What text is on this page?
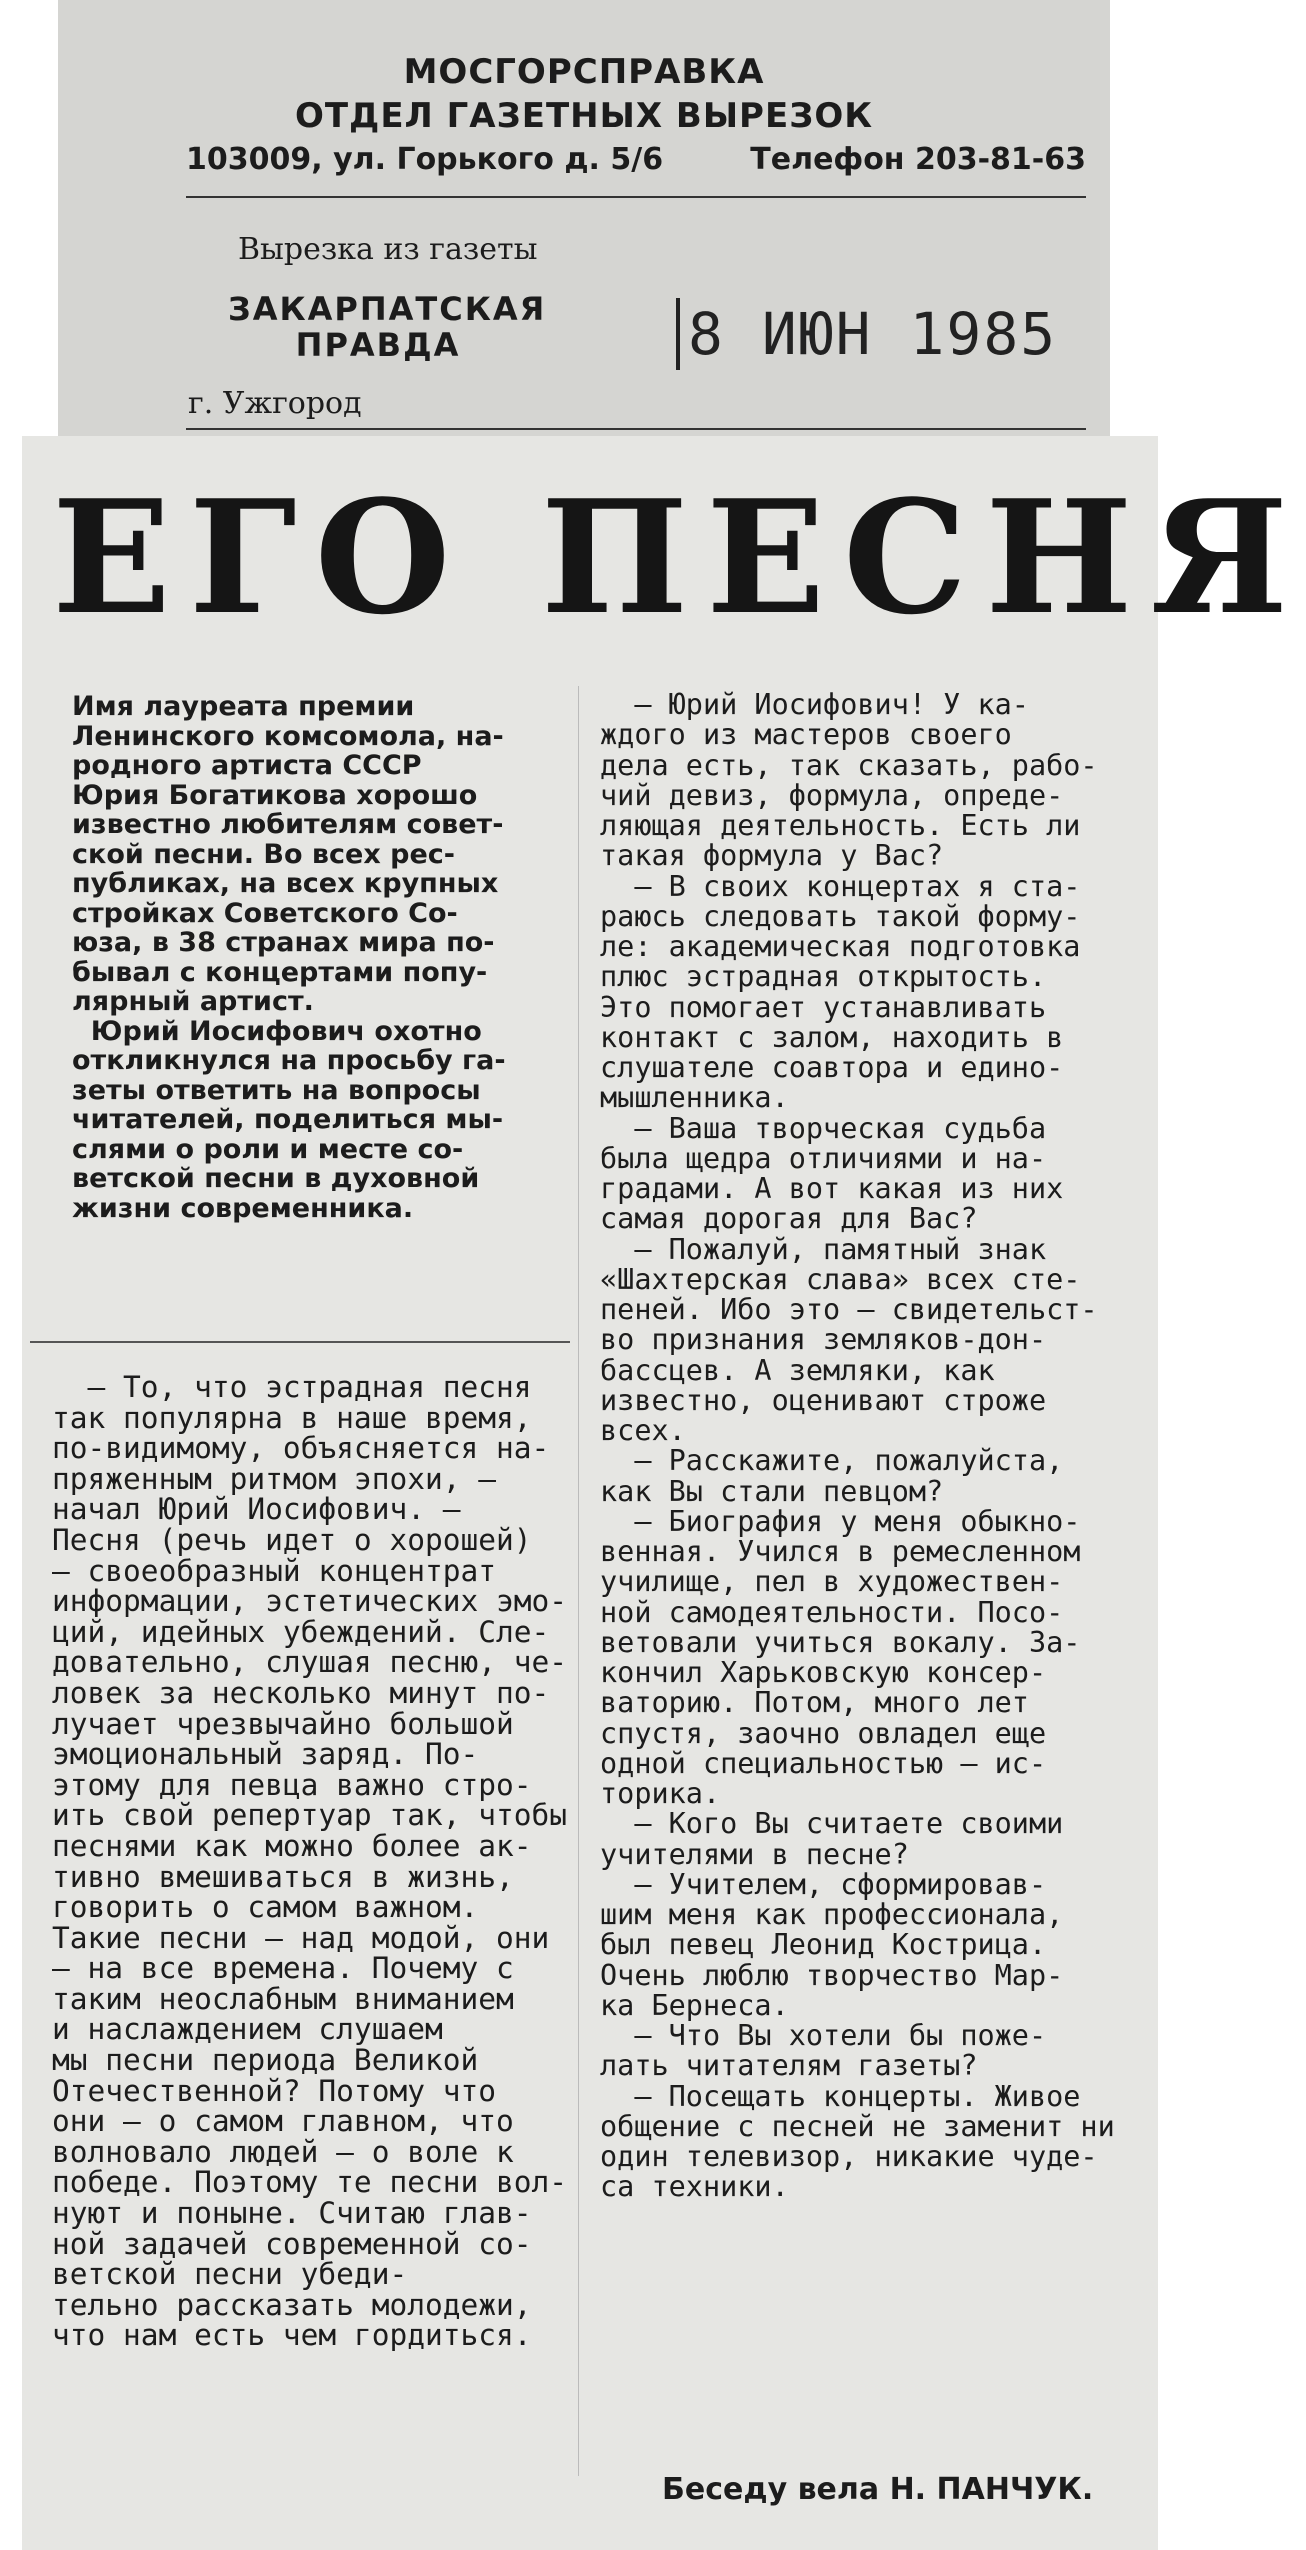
МОСГОРСПРАВКА
ОТДЕЛ ГАЗЕТНЫХ ВЫРЕЗОК
103009, ул. Горького д. 5/6	Телефон 203-81-63
Вырезка из газеты
ЗАКАРПАТСКАЯ
ПРАВДА	8 ИЮН 1985
г. Ужгород
ЕГО ПЕСНЯ
Имя лауреата премии
Ленинского комсомола, на-
родного артиста СССР
Юрия Богатикова хорошо
известно любителям совет-
ской песни. Во всех рес-
публиках, на всех крупных
стройках Советского Со-
юза, в 38 странах мира по-
бывал с концертами попу-
лярный артист.
Юрий Иосифович охотно
откликнулся на просьбу га-
зеты ответить на вопросы
читателей, поделиться мы-
слями о роли и месте со-
ветской песни в духовной
жизни современника.
— То, что эстрадная песня
так популярна в наше время,
по-видимому, объясняется на-
пряженным ритмом эпохи, —
начал Юрий Иосифович. —
Песня (речь идет о хорошей)
— своеобразный концентрат
информации, эстетических эмо-
ций, идейных убеждений. Сле-
довательно, слушая песню, че-
ловек за несколько минут по-
лучает чрезвычайно большой
эмоциональный заряд. По-
этому для певца важно стро-
ить свой репертуар так, чтобы
песнями как можно более ак-
тивно вмешиваться в жизнь,
говорить о самом важном.
Такие песни — над модой, они
— на все времена. Почему с
таким неослабным вниманием
и наслаждением слушаем
мы песни периода Великой
Отечественной? Потому что
они — о самом главном, что
волновало людей — о воле к
победе. Поэтому те песни вол-
нуют и поныне. Считаю глав-
ной задачей современной со-
ветской песни убеди-
тельно рассказать молодежи,
что нам есть чем гордиться.
— Юрий Иосифович! У ка-
ждого из мастеров своего
дела есть, так сказать, рабо-
чий девиз, формула, опреде-
ляющая деятельность. Есть ли
такая формула у Вас?
— В своих концертах я ста-
раюсь следовать такой форму-
ле: академическая подготовка
плюс эстрадная открытость.
Это помогает устанавливать
контакт с залом, находить в
слушателе соавтора и едино-
мышленника.
— Ваша творческая судьба
была щедра отличиями и на-
градами. А вот какая из них
самая дорогая для Вас?
— Пожалуй, памятный знак
«Шахтерская слава» всех сте-
пеней. Ибо это — свидетельст-
во признания земляков-дон-
бассцев. А земляки, как
известно, оценивают строже
всех.
— Расскажите, пожалуйста,
как Вы стали певцом?
— Биография у меня обыкно-
венная. Учился в ремесленном
училище, пел в художествен-
ной самодеятельности. Посо-
ветовали учиться вокалу. За-
кончил Харьковскую консер-
ваторию. Потом, много лет
спустя, заочно овладел еще
одной специальностью — ис-
торика.
— Кого Вы считаете своими
учителями в песне?
— Учителем, сформировав-
шим меня как профессионала,
был певец Леонид Кострица.
Очень люблю творчество Мар-
ка Бернеса.
— Что Вы хотели бы поже-
лать читателям газеты?
— Посещать концерты. Живое
общение с песней не заменит ни
один телевизор, никакие чуде-
са техники.
Беседу вела Н. ПАНЧУК.
